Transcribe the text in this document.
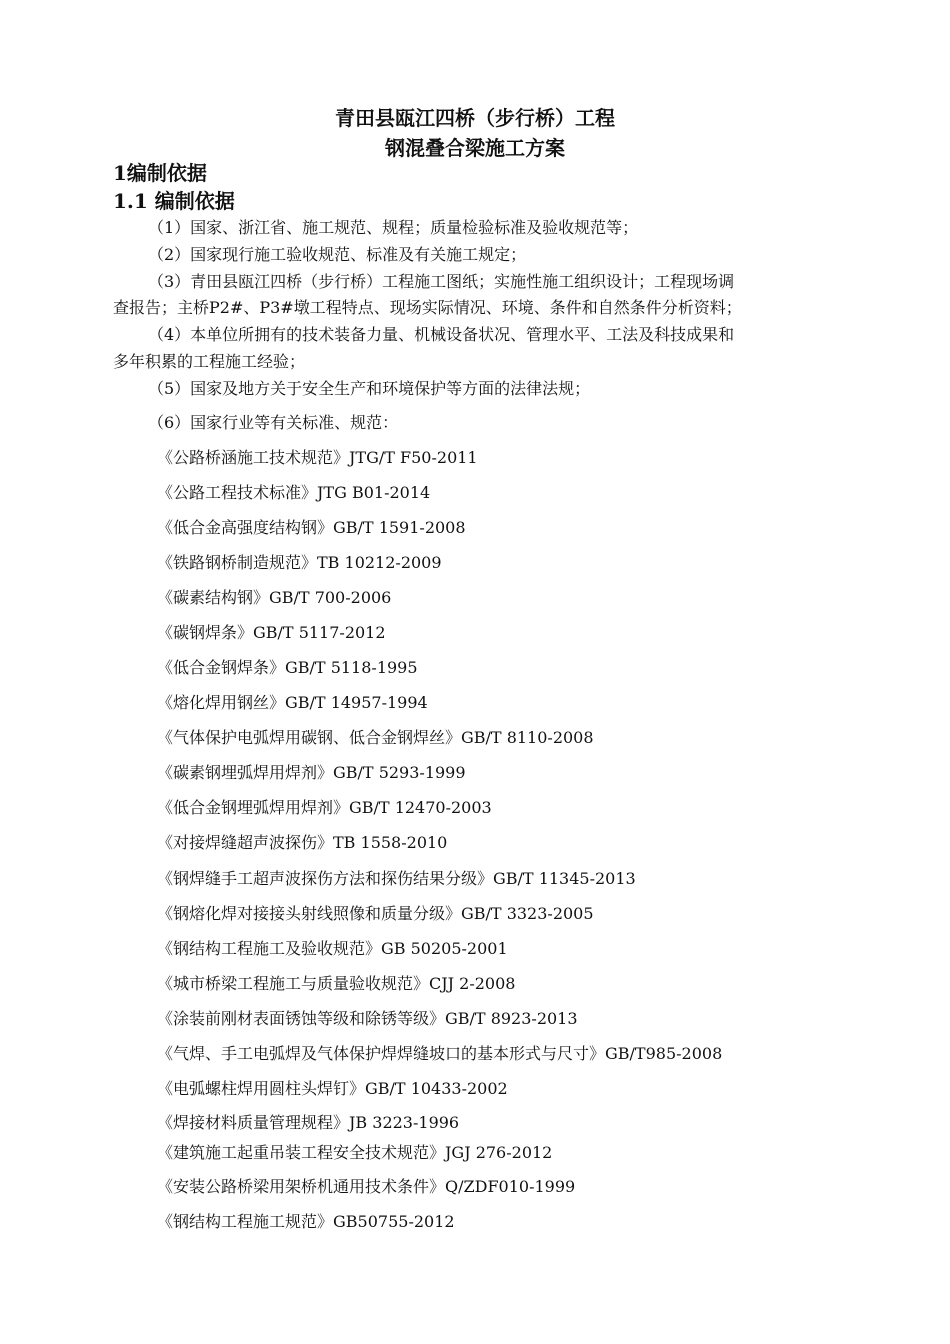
青田县瓯江四桥（步行桥）工程
钢混叠合梁施工方案
1编制依据
1.1 编制依据
（1）国家、浙江省、施工规范、规程；质量检验标准及验收规范等；
（2）国家现行施工验收规范、标准及有关施工规定；
（3）青田县瓯江四桥（步行桥）工程施工图纸；实施性施工组织设计；工程现场调
查报告；主桥P2#、P3#墩工程特点、现场实际情况、环境、条件和自然条件分析资料；
（4）本单位所拥有的技术装备力量、机械设备状况、管理水平、工法及科技成果和
多年积累的工程施工经验；
（5）国家及地方关于安全生产和环境保护等方面的法律法规；
（6）国家行业等有关标准、规范：
《公路桥涵施工技术规范》JTG/T F50-2011
《公路工程技术标准》JTG B01-2014
《低合金高强度结构钢》GB/T 1591-2008
《铁路钢桥制造规范》TB 10212-2009
《碳素结构钢》GB/T 700-2006
《碳钢焊条》GB/T 5117-2012
《低合金钢焊条》GB/T 5118-1995
《熔化焊用钢丝》GB/T 14957-1994
《气体保护电弧焊用碳钢、低合金钢焊丝》GB/T 8110-2008
《碳素钢埋弧焊用焊剂》GB/T 5293-1999
《低合金钢埋弧焊用焊剂》GB/T 12470-2003
《对接焊缝超声波探伤》TB 1558-2010
《钢焊缝手工超声波探伤方法和探伤结果分级》GB/T 11345-2013
《钢熔化焊对接接头射线照像和质量分级》GB/T 3323-2005
《钢结构工程施工及验收规范》GB 50205-2001
《城市桥梁工程施工与质量验收规范》CJJ 2-2008
《涂装前刚材表面锈蚀等级和除锈等级》GB/T 8923-2013
《气焊、手工电弧焊及气体保护焊焊缝坡口的基本形式与尺寸》GB/T985-2008
《电弧螺柱焊用圆柱头焊钉》GB/T 10433-2002
《焊接材料质量管理规程》JB 3223-1996
《建筑施工起重吊装工程安全技术规范》JGJ 276-2012
《安装公路桥梁用架桥机通用技术条件》Q/ZDF010-1999
《钢结构工程施工规范》GB50755-2012
